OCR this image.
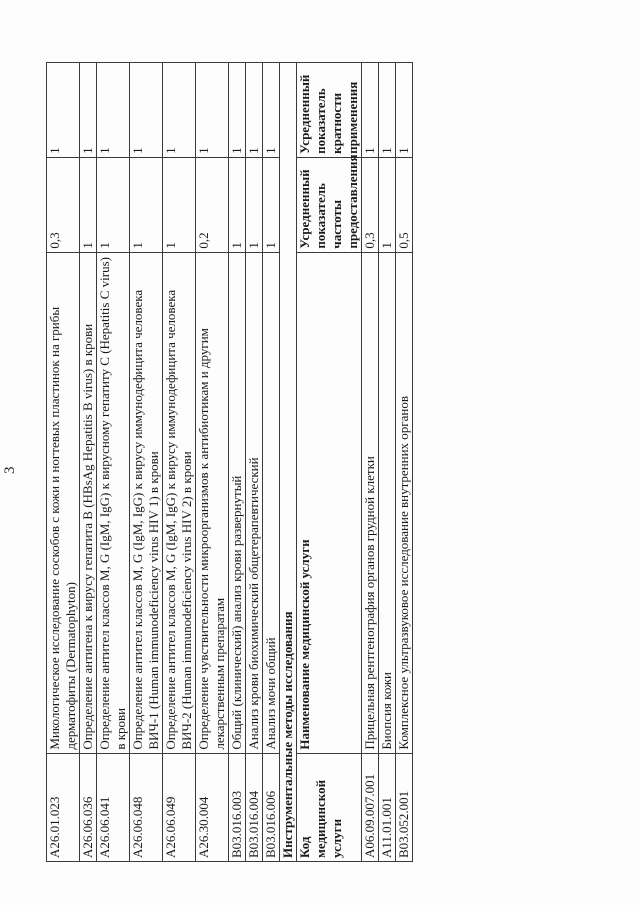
3
A26.01.023	Микологическое исследование соскобов с кожи и ногтевых пластинок на грибы дерматофиты (Dermatophyton)	0,3	1
A26.06.036	Определение антигена к вирусу гепатита B (HBsAg Hepatitis B virus) в крови	1	1
A26.06.041	Определение антител классов M, G (IgM, IgG) к вирусному гепатиту C (Hepatitis C virus) в крови	1	1
A26.06.048	Определение антител классов M, G (IgM, IgG) к вирусу иммунодефицита человека ВИЧ-1 (Human immunodeficiency virus HIV 1) в крови	1	1
A26.06.049	Определение антител классов M, G (IgM, IgG) к вирусу иммунодефицита человека ВИЧ-2 (Human immunodeficiency virus HIV 2) в крови	1	1
A26.30.004	Определение чувствительности микроорганизмов к антибиотикам и другим лекарственным препаратам	0,2	1
B03.016.003	Общий (клинический) анализ крови развернутый	1	1
B03.016.004	Анализ крови биохимический общетерапевтический	1	1
B03.016.006	Анализ мочи общий	1	1
Инструментальные методы исследования			
Код медицинской услуги	Наименование медицинской услуги	Усредненный показатель частоты предоставления	Усредненный показатель кратности применения
A06.09.007.001	Прицельная рентгенография органов грудной клетки	0,3	1
A11.01.001	Биопсия кожи	1	1
B03.052.001	Комплексное ультразвуковое исследование внутренних органов	0,5	1
